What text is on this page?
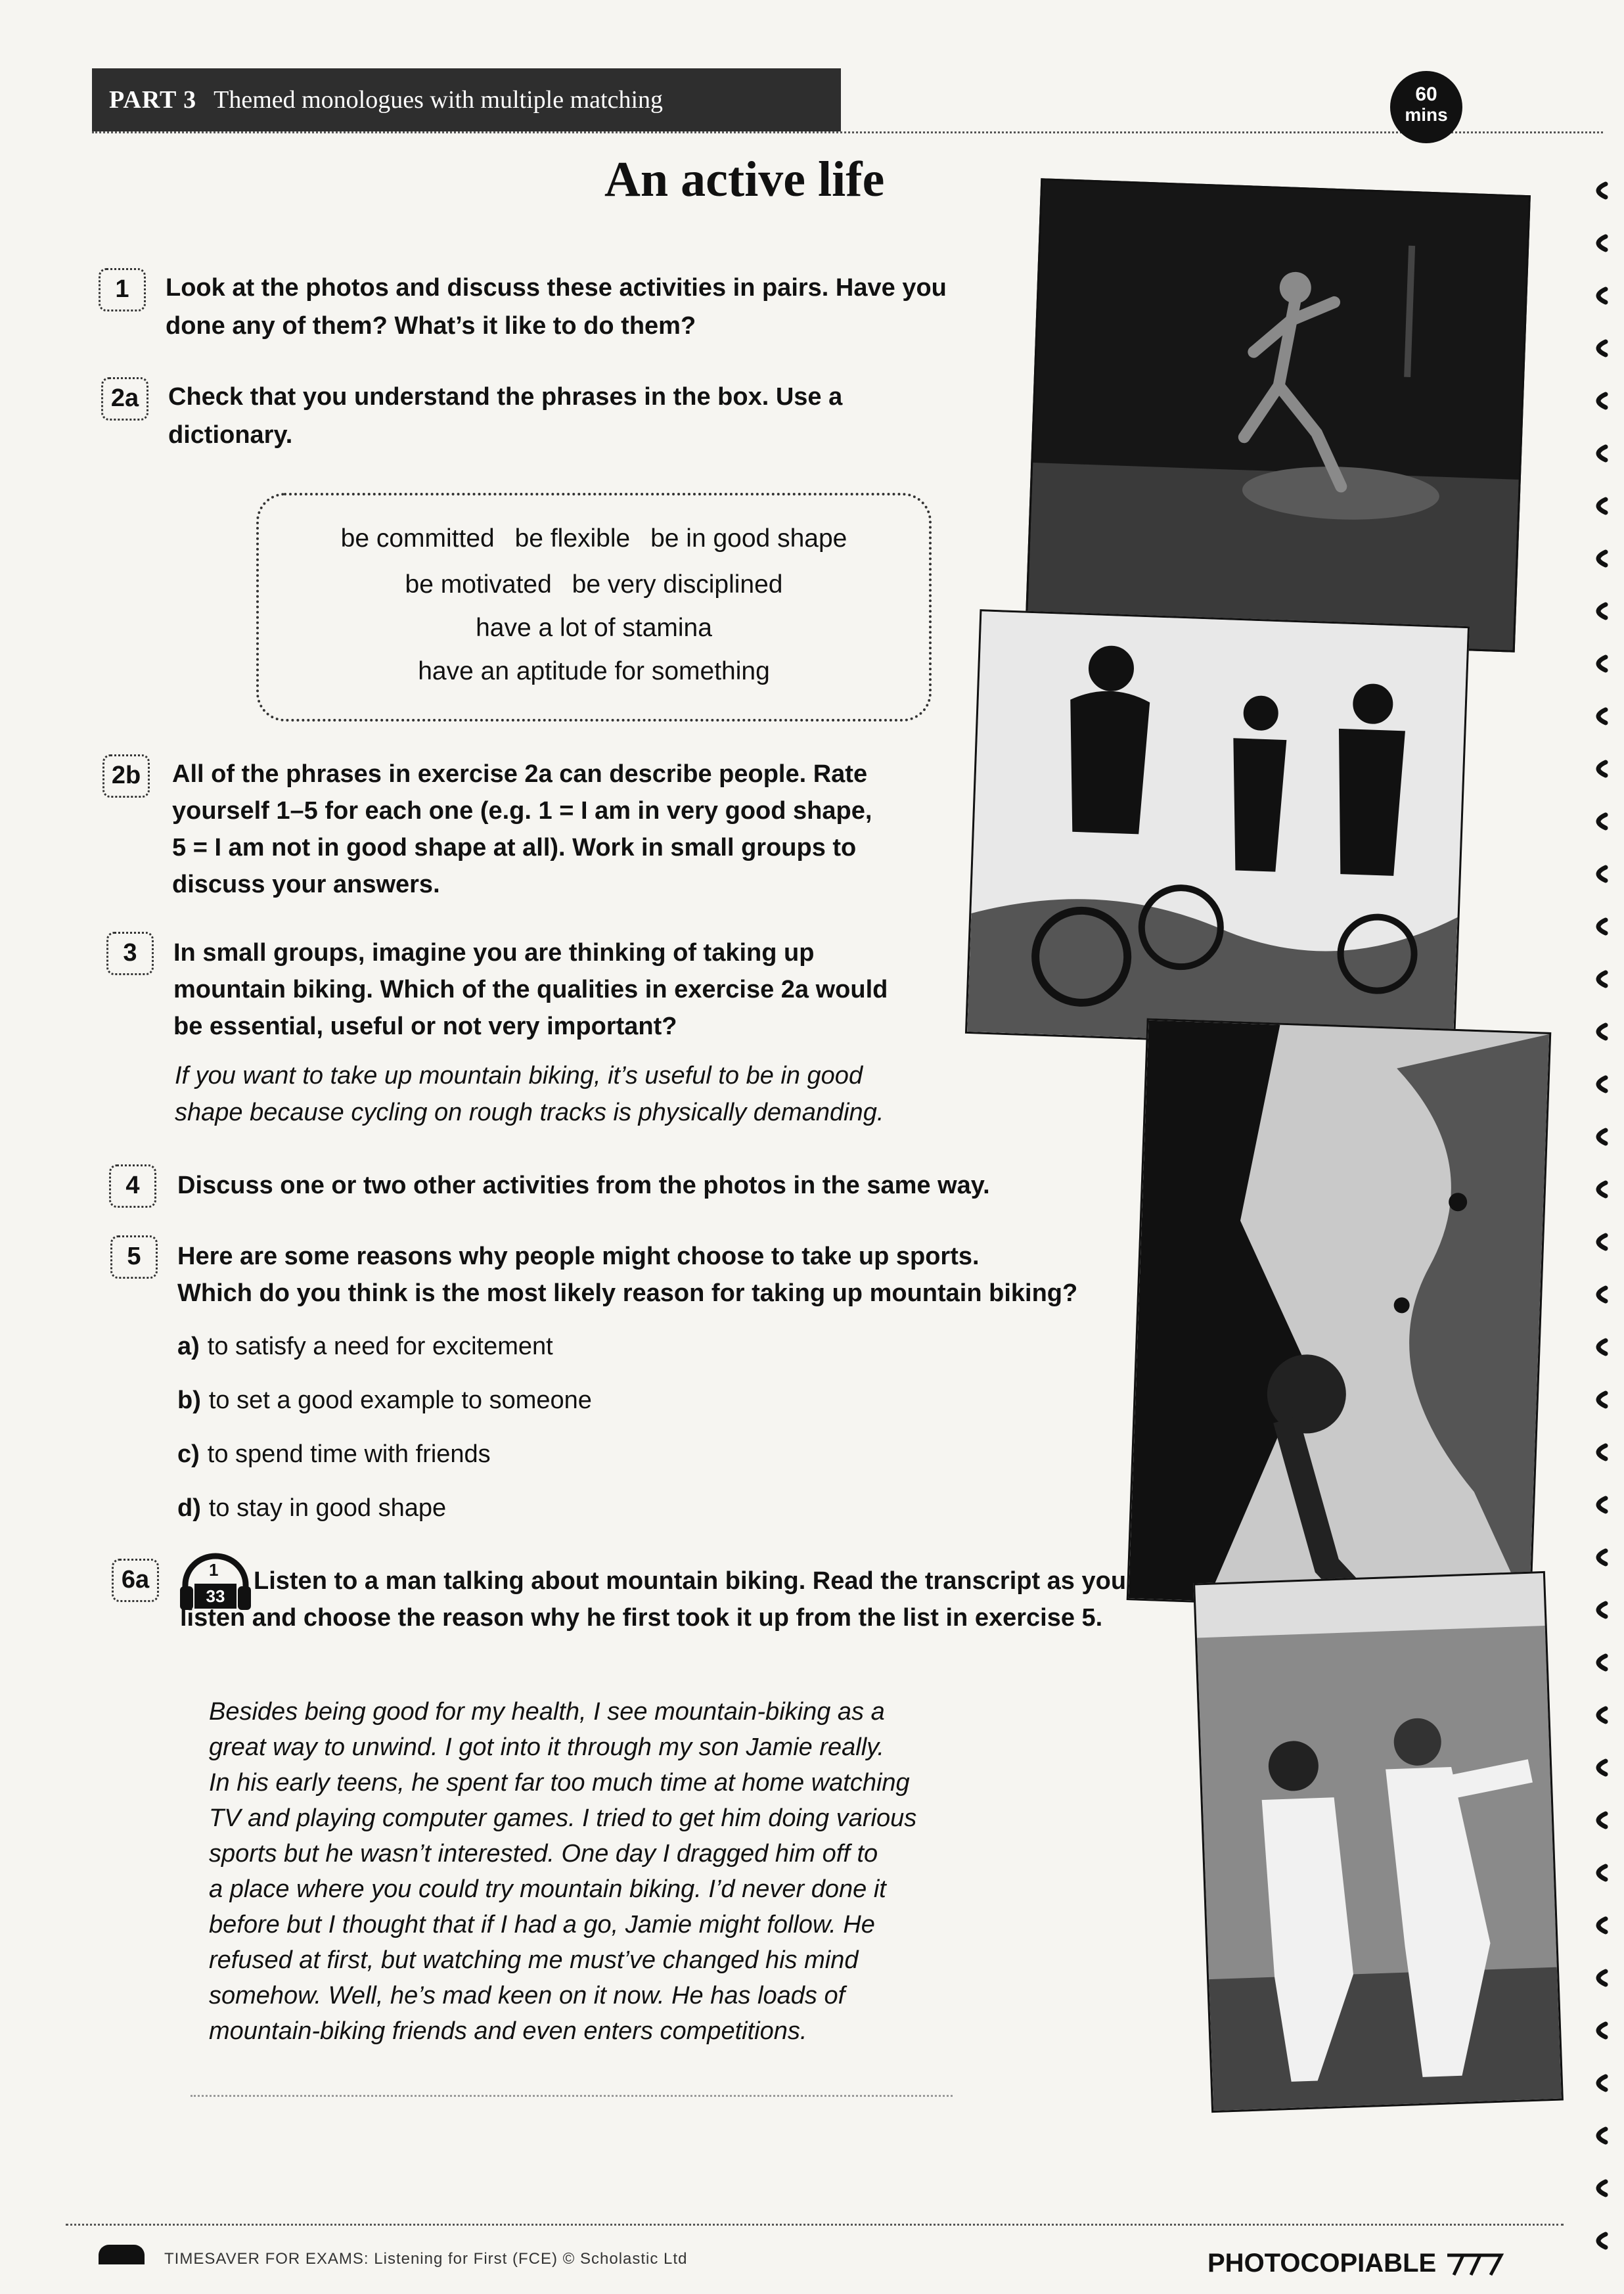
PART 3 Themed monologues with multiple matching	60
mins
An active life
1	Look at the photos and discuss these activities in pairs. Have you
done any of them? What’s it like to do them?
2a	Check that you understand the phrases in the box. Use a
dictionary.
be committed be flexible be in good shape
be motivated be very disciplined
have a lot of stamina
have an aptitude for something
2b	All of the phrases in exercise 2a can describe people. Rate
yourself 1–5 for each one (e.g. 1 = I am in very good shape,
5 = I am not in good shape at all). Work in small groups to
discuss your answers.
3	In small groups, imagine you are thinking of taking up
mountain biking. Which of the qualities in exercise 2a would
be essential, useful or not very important?
If you want to take up mountain biking, it’s useful to be in good
shape because cycling on rough tracks is physically demanding.
4	Discuss one or two other activities from the photos in the same way.
5	Here are some reasons why people might choose to take up sports.
Which do you think is the most likely reason for taking up mountain biking?
a) to satisfy a need for excitement
b) to set a good example to someone
c) to spend time with friends
d) to stay in good shape
6a	1
33
Listen to a man talking about mountain biking. Read the transcript as you
listen and choose the reason why he first took it up from the list in exercise 5.
Besides being good for my health, I see mountain-biking as a
great way to unwind. I got into it through my son Jamie really.
In his early teens, he spent far too much time at home watching
TV and playing computer games. I tried to get him doing various
sports but he wasn’t interested. One day I dragged him off to
a place where you could try mountain biking. I’d never done it
before but I thought that if I had a go, Jamie might follow. He
refused at first, but watching me must’ve changed his mind
somehow. Well, he’s mad keen on it now. He has loads of
mountain-biking friends and even enters competitions.
TIMESAVER FOR EXAMS: Listening for First (FCE) © Scholastic Ltd	PHOTOCOPIABLE
